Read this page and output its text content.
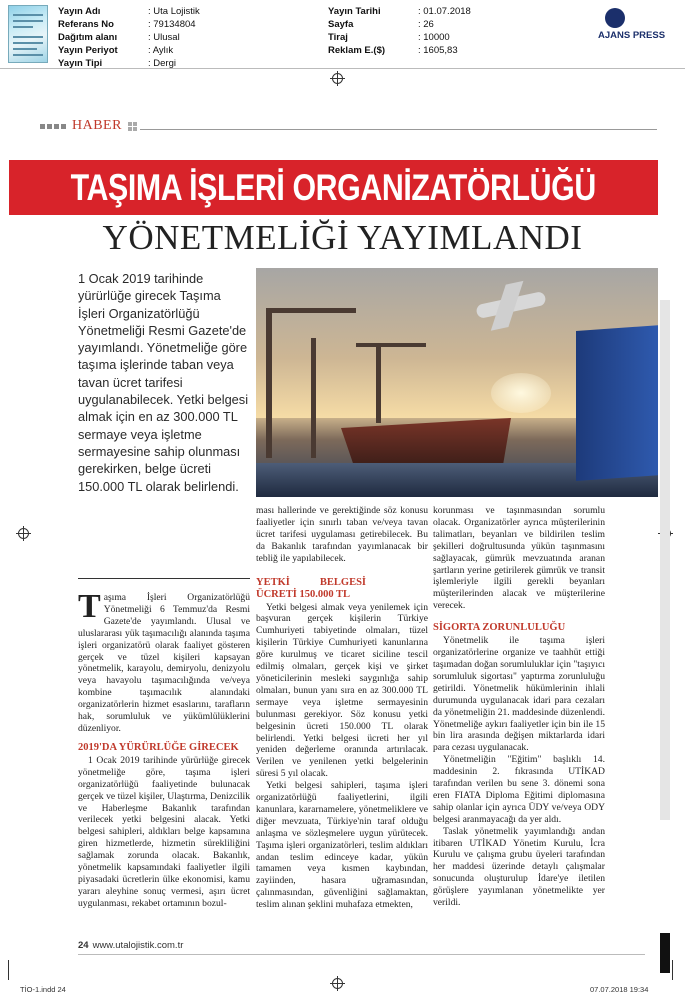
Yayın Adı	: Uta Lojistik
Referans No	: 79134804
Dağıtım alanı	: Ulusal
Yayın Periyot	: Aylık
Yayın Tipi	: Dergi
Yayın Tarihi	: 01.07.2018
Sayfa	: 26
Tiraj	: 10000
Reklam E.($)	: 1605,83
AJANS PRESS
HABER
TAŞIMA İŞLERİ ORGANİZATÖRLÜĞÜ
YÖNETMELİĞİ YAYIMLANDI
1 Ocak 2019 tarihinde yürürlüğe girecek Taşıma İşleri Organizatörlüğü Yönetmeliği Resmi Gazete'de yayımlandı. Yönetmeliğe göre taşıma işlerinde taban veya tavan ücret tarifesi uygulanabilecek. Yetki belgesi almak için en az 300.000 TL sermaye veya işletme sermayesine sahip olunması gerekirken, belge ücreti 150.000 TL olarak belirlendi.

Taşıma İşleri Organizatörlüğü Yönetmeliği 6 Temmuz'da Resmi Gazete'de yayımlandı. Ulusal ve uluslararası yük taşımacılığı alanında taşıma işleri organizatörü olarak faaliyet gösteren gerçek ve tüzel kişileri kapsayan yönetmelik, karayolu, demiryolu, denizyolu veya havayolu taşımacılığında ve/veya kombine taşımacılık alanındaki organizatörlerin hizmet esaslarını, tarafların hak, sorumluluk ve yükümlülüklerini düzenliyor.

2019'DA YÜRÜRLÜĞE GİRECEK

1 Ocak 2019 tarihinde yürürlüğe girecek yönetmeliğe göre, taşıma işleri organizatörlüğü faaliyetinde bulunacak gerçek ve tüzel kişiler, Ulaştırma, Denizcilik ve Haberleşme Bakanlık tarafından verilecek yetki belgesini alacak. Yetki belgesi sahipleri, aldıkları belge kapsamına giren hizmetlerde, hizmetin sürekliliğini sağlamak zorunda olacak. Bakanlık, yönetmelik kapsamındaki faaliyetler ilgili piyasadaki ücretlerin ülke ekonomisi, kamu yararı aleyhine sonuç vermesi, aşırı ücret uygulanması, rekabet ortamının bozul-

ması hallerinde ve gerektiğinde söz konusu faaliyetler için sınırlı taban ve/veya tavan ücret tarifesi uygulaması getirebilecek. Bu da Bakanlık tarafından yayımlanacak bir tebliğ ile yapılabilecek.

YETKİ BELGESİ ÜCRETİ 150.000 TL

Yetki belgesi almak veya yenilemek için başvuran gerçek kişilerin Türkiye Cumhuriyeti tabiyetinde olmaları, tüzel kişilerin Türkiye Cumhuriyeti kanunlarına göre kurulmuş ve ticaret siciline tescil edilmiş olmaları, gerçek kişi ve şirket yöneticilerinin mesleki saygınlığa sahip olmaları, bunun yanı sıra en az 300.000 TL sermaye veya işletme sermayesinin bulunması gerekiyor. Söz konusu yetki belgesinin ücreti 150.000 TL olarak belirlendi. Yetki belgesi ücreti her yıl yeniden değerleme oranında artırılacak. Verilen ve yenilenen yetki belgelerinin süresi 5 yıl olacak.

Yetki belgesi sahipleri, taşıma işleri organizatörlüğü faaliyetlerini, ilgili kanunlara, kararnamelere, yönetmeliklere ve diğer mevzuata, Türkiye'nin taraf olduğu anlaşma ve sözleşmelere uygun yürütecek. Taşıma işleri organizatörleri, teslim aldıkları andan teslim edinceye kadar, yükün tamamen veya kısmen kaybından, zayiinden, hasara uğramasından, çalınmasından, güvenliğini sağlamaktan, teslim alınan şeklini muhafaza etmekten,

korunması ve taşınmasından sorumlu olacak. Organizatörler ayrıca müşterilerinin talimatları, beyanları ve bildirilen teslim şekilleri doğrultusunda yükün taşınmasını sağlayacak, gümrük mevzuatında aranan şartların yerine getirilerek gümrük ve transit işlemleriyle ilgili gerekli beyanları müşterilerinden alacak ve müşterilerine verecek.

SİGORTA ZORUNLULUĞU

Yönetmelik ile taşıma işleri organizatörlerine organize ve taahhüt ettiği taşımadan doğan sorumluluklar için "taşıyıcı sorumluluk sigortası" yaptırma zorunluluğu getirildi. Yönetmelik hükümlerinin ihlali durumunda uygulanacak idari para cezaları da yönetmeliğin 21. maddesinde düzenlendi. Yönetmeliğe aykırı faaliyetler için bin ile 15 bin lira arasında değişen miktarlarda idari para cezası uygulanacak.

Yönetmeliğin "Eğitim" başlıklı 14. maddesinin 2. fıkrasında UTİKAD tarafından verilen bu sene 3. dönemi sona eren FIATA Diploma Eğitimi diplomasına sahip olanlar için ayrıca ÜDY ve/veya ODY belgesi aranmayacağı da yer aldı.

Taslak yönetmelik yayımlandığı andan itibaren UTİKAD Yönetim Kurulu, İcra Kurulu ve çalışma grubu üyeleri tarafından her maddesi üzerinde detaylı çalışmalar sonucunda oluşturulup İdare'ye iletilen görüşlere yayımlanan yönetmelikte yer verildi.

24 www.utalojistik.com.tr
TİO-1.indd 24	07.07.2018 19:34
